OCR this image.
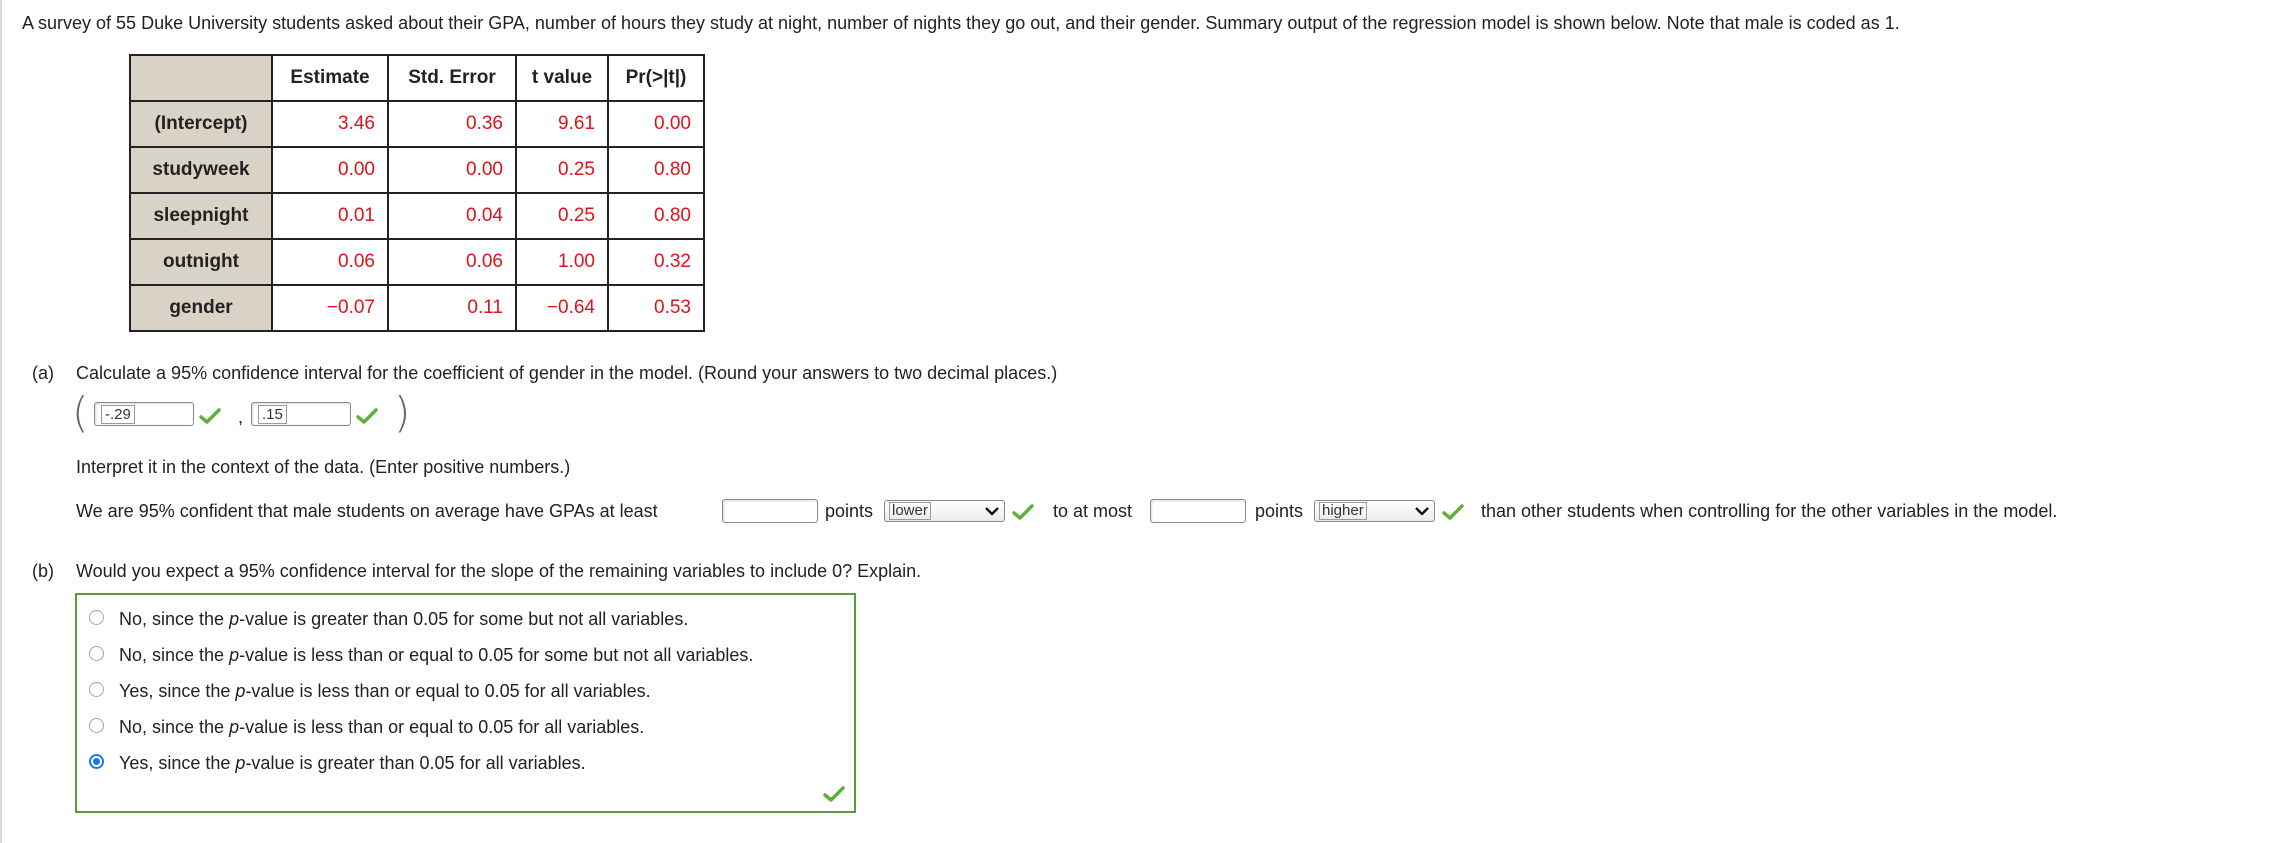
A survey of 55 Duke University students asked about their GPA, number of hours they study at night, number of nights they go out, and their gender. Summary output of the regression model is shown below. Note that male is coded as 1.
	Estimate	Std. Error	t value	Pr(>|t|)
(Intercept)	3.46	0.36	9.61	0.00
studyweek	0.00	0.00	0.25	0.80
sleepnight	0.01	0.04	0.25	0.80
outnight	0.06	0.06	1.00	0.32
gender	−0.07	0.11	−0.64	0.53
(a) Calculate a 95% confidence interval for the coefficient of gender in the model. (Round your answers to two decimal places.)
(	-.29	,	.15	)
Interpret it in the context of the data. (Enter positive numbers.)
We are 95% confident that male students on average have GPAs at least	points	lower	to at most	points	higher	than other students when controlling for the other variables in the model.
(b) Would you expect a 95% confidence interval for the slope of the remaining variables to include 0? Explain.
No, since the p-value is greater than 0.05 for some but not all variables.
No, since the p-value is less than or equal to 0.05 for some but not all variables.
Yes, since the p-value is less than or equal to 0.05 for all variables.
No, since the p-value is less than or equal to 0.05 for all variables.
Yes, since the p-value is greater than 0.05 for all variables.
